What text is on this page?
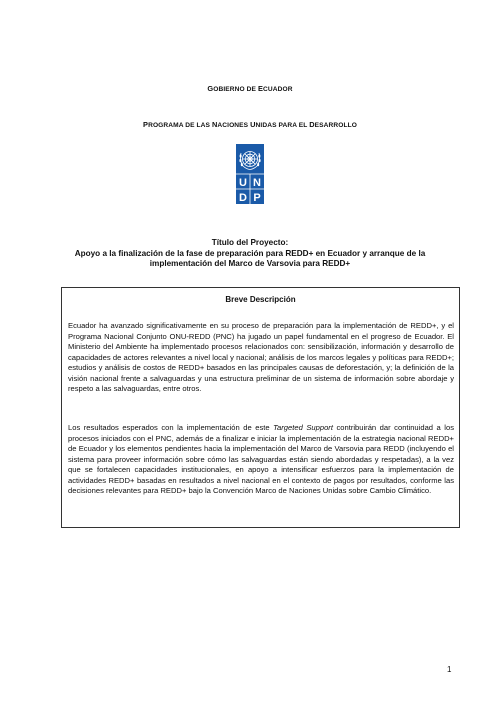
GOBIERNO DE ECUADOR
PROGRAMA DE LAS NACIONES UNIDAS PARA EL DESARROLLO
U N
D P
Título del Proyecto:
Apoyo a la finalización de la fase de preparación para REDD+ en Ecuador y arranque de la
implementación del Marco de Varsovia para REDD+
Breve Descripción

Ecuador ha avanzado significativamente en su proceso de preparación para la implementación de REDD+, y el Programa Nacional Conjunto ONU-REDD (PNC) ha jugado un papel fundamental en el progreso de Ecuador. El Ministerio del Ambiente ha implementado procesos relacionados con: sensibilización, información y desarrollo de capacidades de actores relevantes a nivel local y nacional; análisis de los marcos legales y políticas para REDD+; estudios y análisis de costos de REDD+ basados en las principales causas de deforestación, y; la definición de la visión nacional frente a salvaguardas y una estructura preliminar de un sistema de información sobre abordaje y respeto a las salvaguardas, entre otros.

Los resultados esperados con la implementación de este Targeted Support contribuirán dar continuidad a los procesos iniciados con el PNC, además de a finalizar e iniciar la implementación de la estrategia nacional REDD+ de Ecuador y los elementos pendientes hacia la implementación del Marco de Varsovia para REDD (incluyendo el sistema para proveer información sobre cómo las salvaguardas están siendo abordadas y respetadas), a la vez que se fortalecen capacidades institucionales, en apoyo a intensificar esfuerzos para la implementación de actividades REDD+ basadas en resultados a nivel nacional en el contexto de pagos por resultados, conforme las decisiones relevantes para REDD+ bajo la Convención Marco de Naciones Unidas sobre Cambio Climático.

1
